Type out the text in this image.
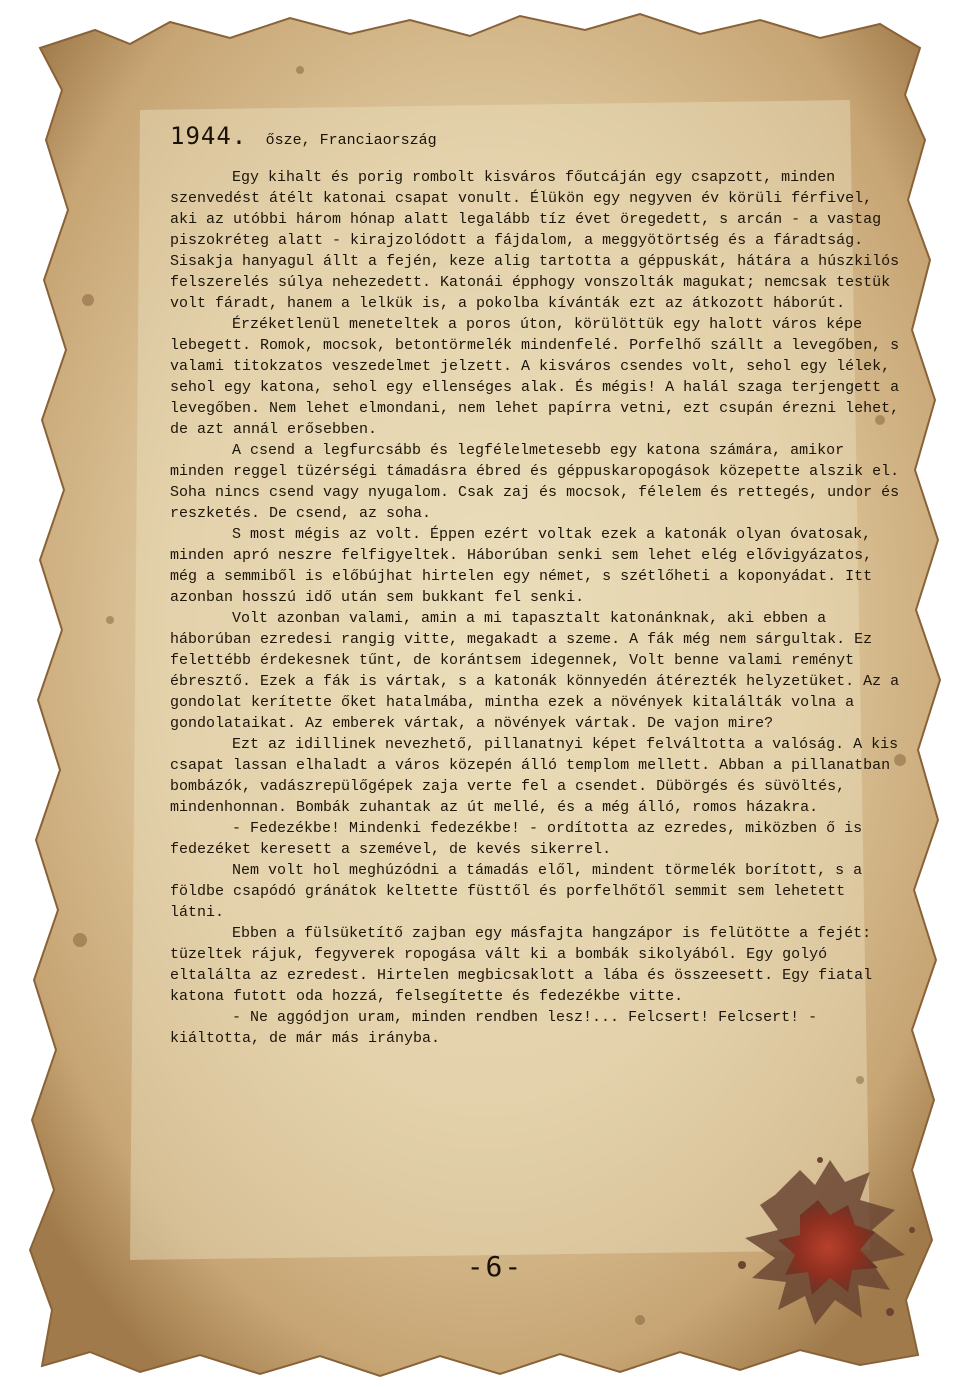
1944. ősze, Franciaország

Egy kihalt és porig rombolt kisváros főutcáján egy csapzott, minden szenvedést átélt katonai csapat vonult. Élükön egy negyven év körüli férfivel, aki az utóbbi három hónap alatt legalább tíz évet öregedett, s arcán - a vastag piszokréteg alatt - kirajzolódott a fájdalom, a meggyötörtség és a fáradtság. Sisakja hanyagul állt a fején, keze alig tartotta a géppuskát, hátára a húszkilós felszerelés súlya nehezedett. Katonái épphogy vonszolták magukat; nemcsak testük volt fáradt, hanem a lelkük is, a pokolba kívánták ezt az átkozott háborút.

Érzéketlenül meneteltek a poros úton, körülöttük egy halott város képe lebegett. Romok, mocsok, betontörmelék mindenfelé. Porfelhő szállt a levegőben, s valami titokzatos veszedelmet jelzett. A kisváros csendes volt, sehol egy lélek, sehol egy katona, sehol egy ellenséges alak. És mégis! A halál szaga terjengett a levegőben. Nem lehet elmondani, nem lehet papírra vetni, ezt csupán érezni lehet, de azt annál erősebben.

A csend a legfurcsább és legfélelmetesebb egy katona számára, amikor minden reggel tüzérségi támadásra ébred és géppuskaropogások közepette alszik el. Soha nincs csend vagy nyugalom. Csak zaj és mocsok, félelem és rettegés, undor és reszketés. De csend, az soha.

S most mégis az volt. Éppen ezért voltak ezek a katonák olyan óvatosak, minden apró neszre felfigyeltek. Háborúban senki sem lehet elég elővigyázatos, még a semmiből is előbújhat hirtelen egy német, s szétlőheti a koponyádat. Itt azonban hosszú idő után sem bukkant fel senki.

Volt azonban valami, amin a mi tapasztalt katonánknak, aki ebben a háborúban ezredesi rangig vitte, megakadt a szeme. A fák még nem sárgultak. Ez felettébb érdekesnek tűnt, de korántsem idegennek, Volt benne valami reményt ébresztő. Ezek a fák is vártak, s a katonák könnyedén átérezték helyzetüket. Az a gondolat kerítette őket hatalmába, mintha ezek a növények kitalálták volna a gondolataikat. Az emberek vártak, a növények vártak. De vajon mire?

Ezt az idillinek nevezhető, pillanatnyi képet felváltotta a valóság. A kis csapat lassan elhaladt a város közepén álló templom mellett. Abban a pillanatban bombázók, vadászrepülőgépek zaja verte fel a csendet. Dübörgés és süvöltés, mindenhonnan. Bombák zuhantak az út mellé, és a még álló, romos házakra.

- Fedezékbe! Mindenki fedezékbe! - ordította az ezredes, miközben ő is fedezéket keresett a szemével, de kevés sikerrel.

Nem volt hol meghúzódni a támadás elől, mindent törmelék borított, s a földbe csapódó gránátok keltette füsttől és porfelhőtől semmit sem lehetett látni.

Ebben a fülsüketítő zajban egy másfajta hangzápor is felütötte a fejét: tüzeltek rájuk, fegyverek ropogása vált ki a bombák sikolyából. Egy golyó eltalálta az ezredest. Hirtelen megbicsaklott a lába és összeesett. Egy fiatal katona futott oda hozzá, felsegítette és fedezékbe vitte.

- Ne aggódjon uram, minden rendben lesz!... Felcsert! Felcsert! - kiáltotta, de már más irányba.

-6-
